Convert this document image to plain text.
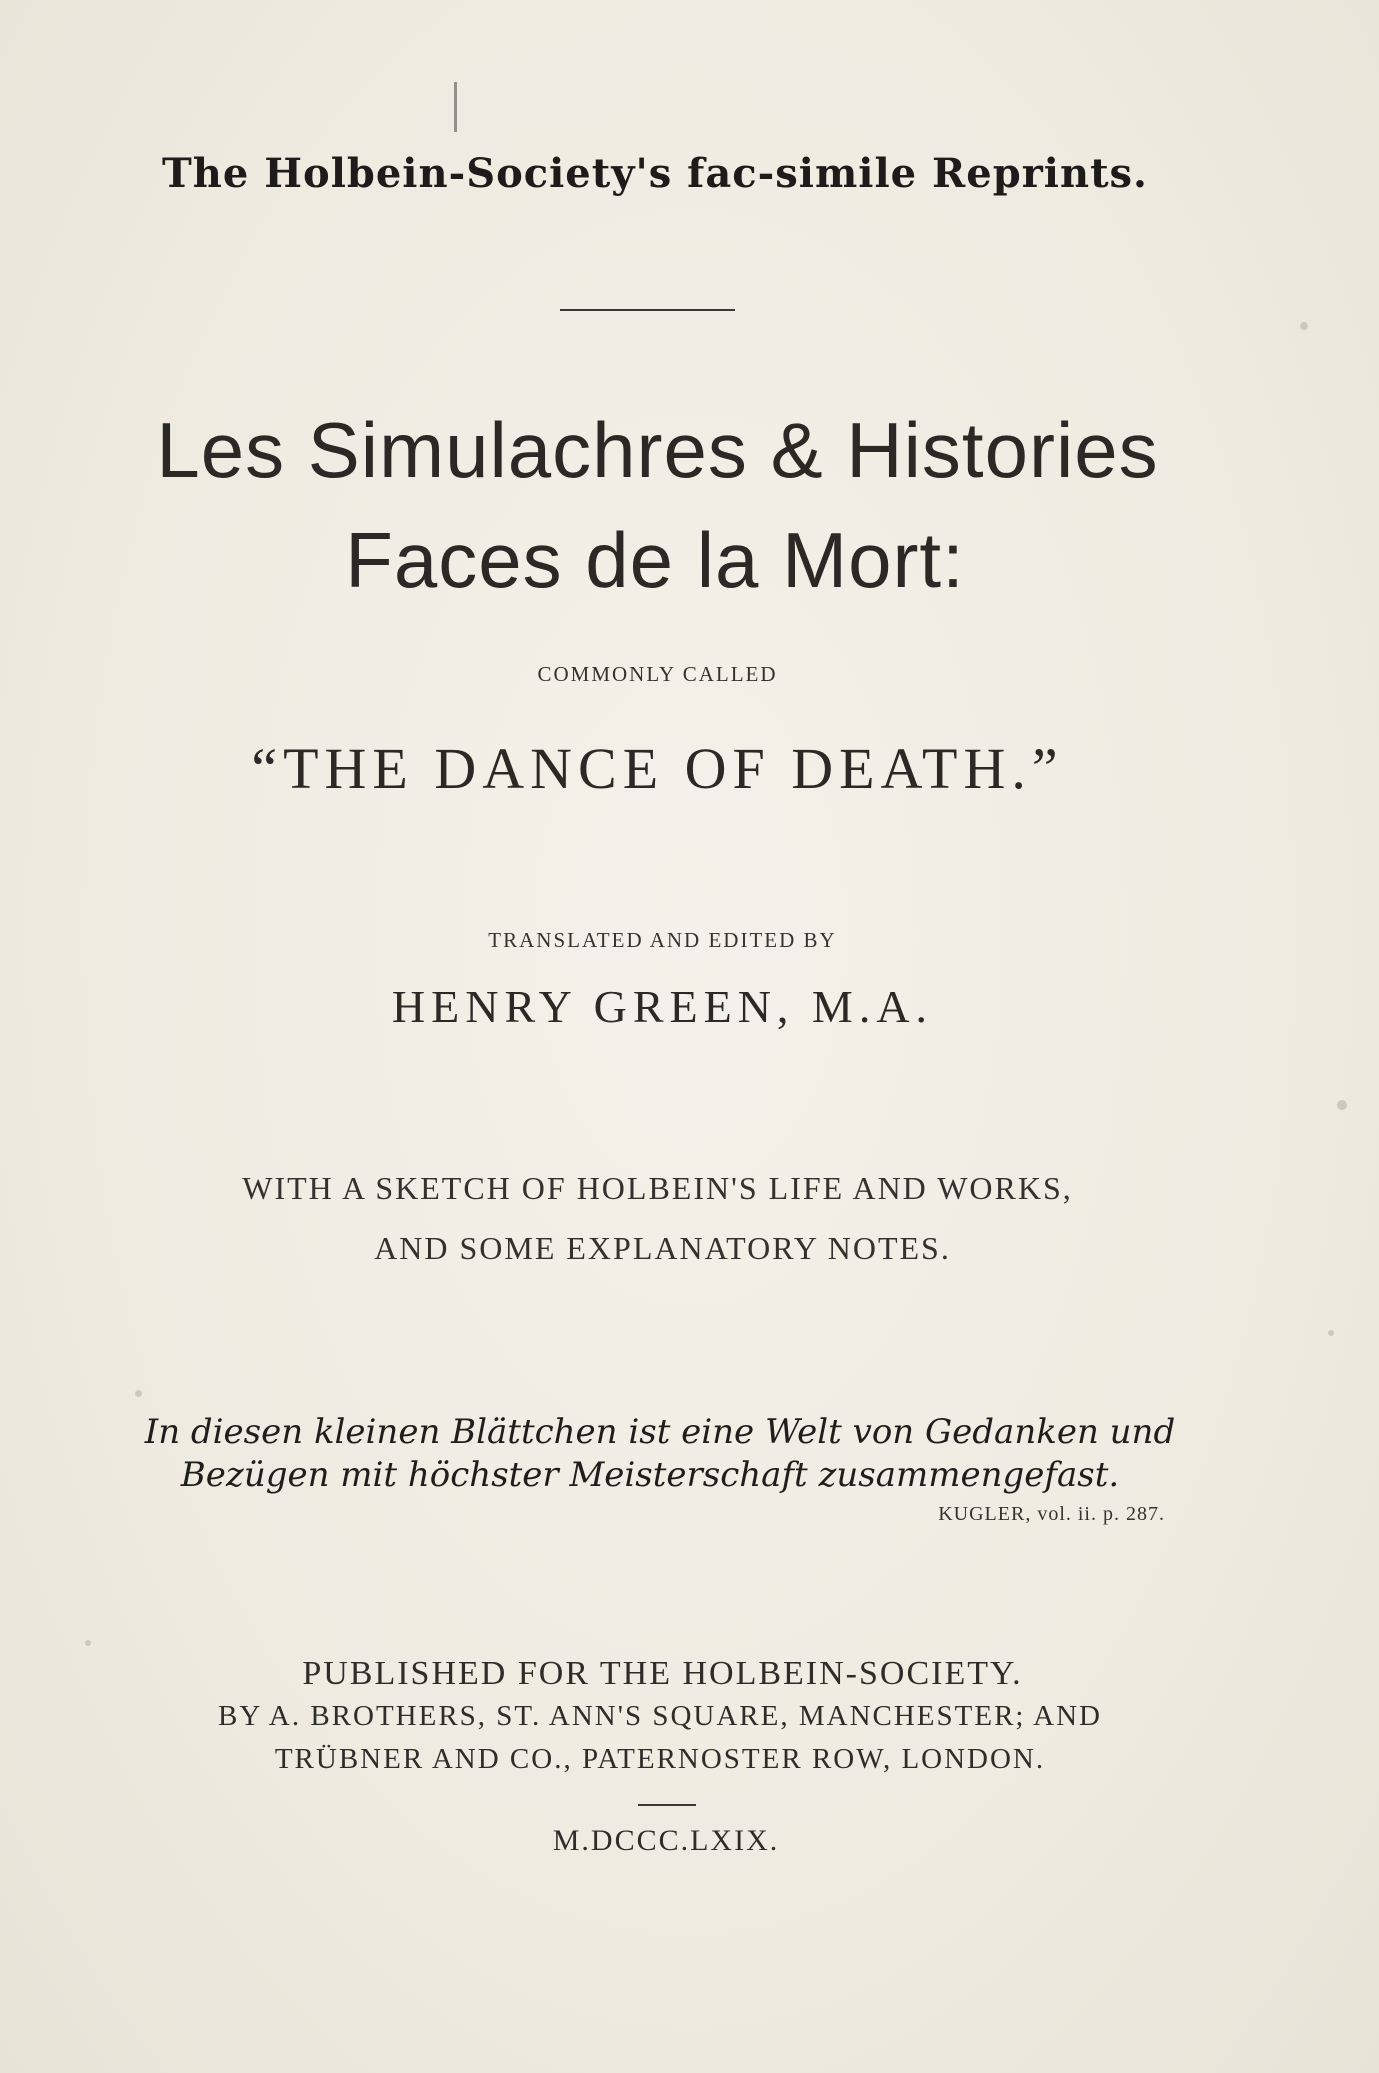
The Holbein-Society's fac-simile Reprints.
Les Simulachres & Histories
Faces de la Mort:
COMMONLY CALLED
“THE DANCE OF DEATH.”
TRANSLATED AND EDITED BY
HENRY GREEN, M.A.
WITH A SKETCH OF HOLBEIN'S LIFE AND WORKS,
AND SOME EXPLANATORY NOTES.
In diesen kleinen Blättchen ist eine Welt von Gedanken und
Bezügen mit höchster Meisterschaft zusammengefast.
KUGLER, vol. ii. p. 287.
PUBLISHED FOR THE HOLBEIN-SOCIETY.
BY A. BROTHERS, ST. ANN'S SQUARE, MANCHESTER; AND
TRÜBNER AND CO., PATERNOSTER ROW, LONDON.
M.DCCC.LXIX.
